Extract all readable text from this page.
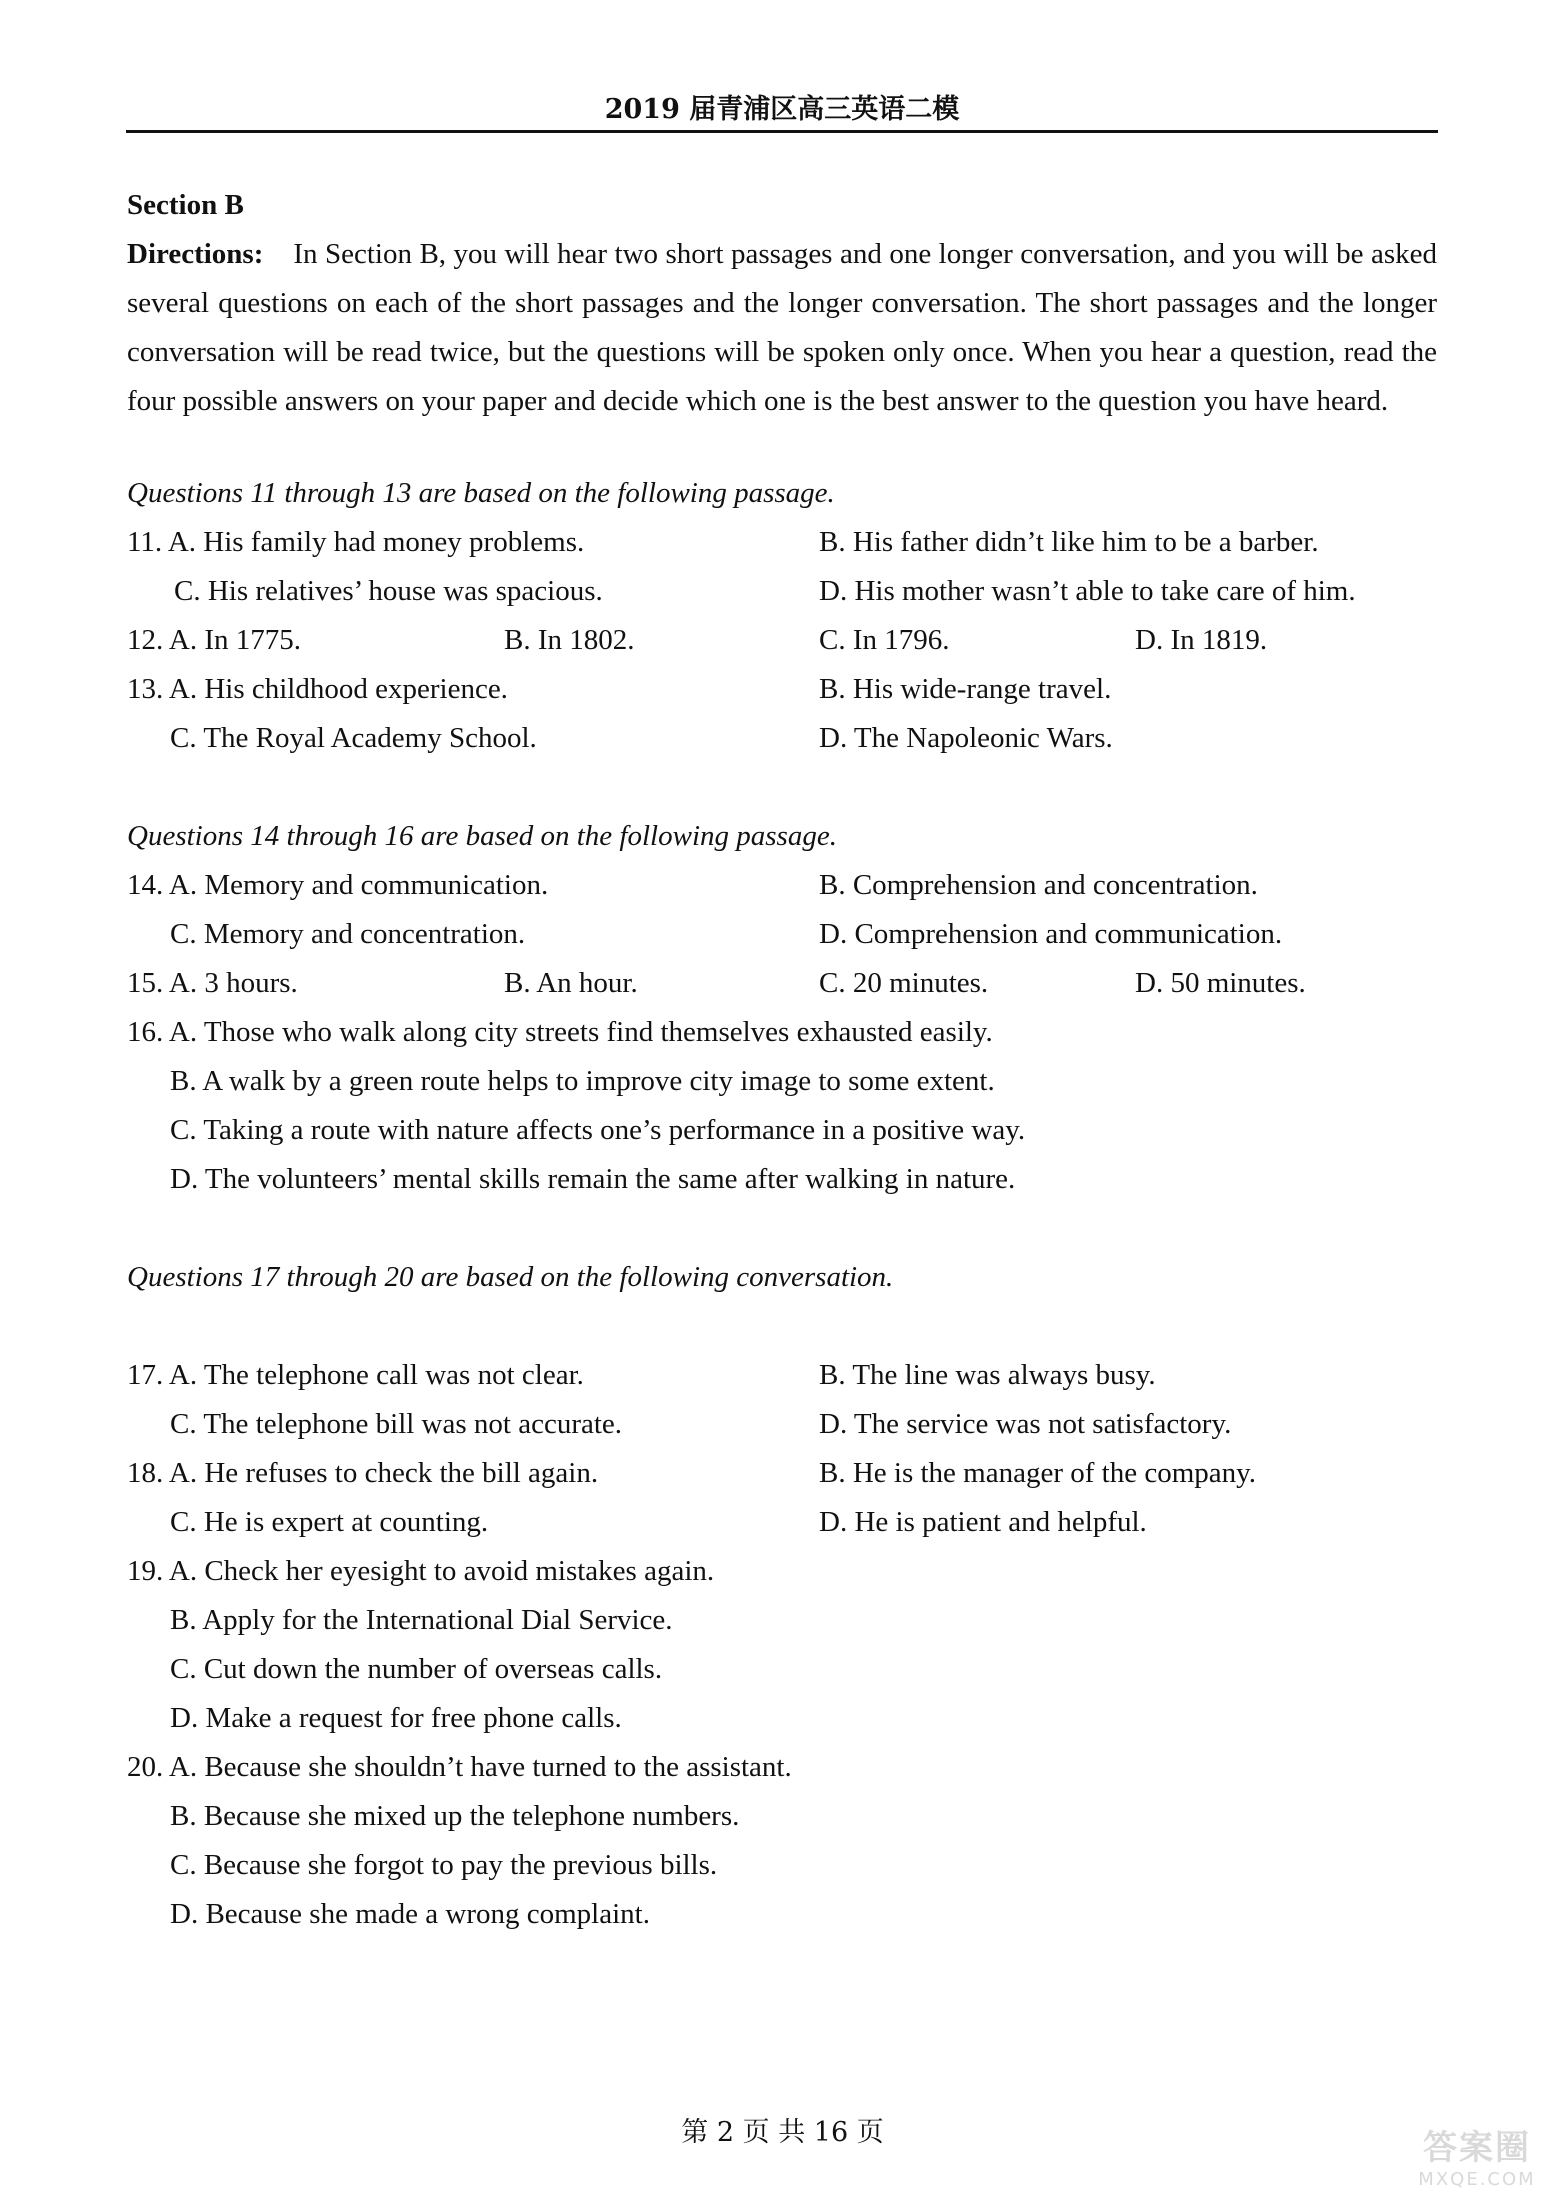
2019 届青浦区高三英语二模

Section B

Directions: In Section B, you will hear two short passages and one longer conversation, and you will be asked several questions on each of the short passages and the longer conversation. The short passages and the longer conversation will be read twice, but the questions will be spoken only once. When you hear a question, read the four possible answers on your paper and decide which one is the best answer to the question you have heard.

Questions 11 through 13 are based on the following passage.

11. A. His family had money problems.	B. His father didn’t like him to be a barber.
C. His relatives’ house was spacious.	D. His mother wasn’t able to take care of him.
12. A. In 1775.	B. In 1802.	C. In 1796.	D. In 1819.
13. A. His childhood experience.	B. His wide-range travel.
C. The Royal Academy School.	D. The Napoleonic Wars.

Questions 14 through 16 are based on the following passage.

14. A. Memory and communication.	B. Comprehension and concentration.
C. Memory and concentration.	D. Comprehension and communication.
15. A. 3 hours.	B. An hour.	C. 20 minutes.	D. 50 minutes.
16. A. Those who walk along city streets find themselves exhausted easily.
B. A walk by a green route helps to improve city image to some extent.
C. Taking a route with nature affects one’s performance in a positive way.
D. The volunteers’ mental skills remain the same after walking in nature.

Questions 17 through 20 are based on the following conversation.

17. A. The telephone call was not clear.	B. The line was always busy.
C. The telephone bill was not accurate.	D. The service was not satisfactory.
18. A. He refuses to check the bill again.	B. He is the manager of the company.
C. He is expert at counting.	D. He is patient and helpful.
19. A. Check her eyesight to avoid mistakes again.
B. Apply for the International Dial Service.
C. Cut down the number of overseas calls.
D. Make a request for free phone calls.
20. A. Because she shouldn’t have turned to the assistant.
B. Because she mixed up the telephone numbers.
C. Because she forgot to pay the previous bills.
D. Because she made a wrong complaint.
第 2 页 共 16 页	答案圈
MXQE.COM
